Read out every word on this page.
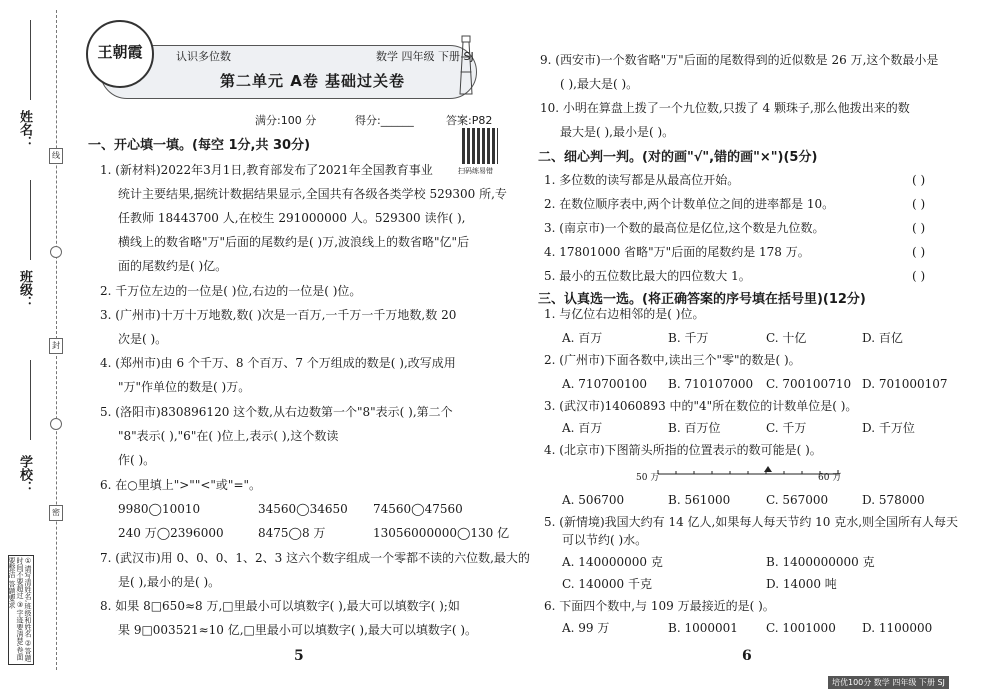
姓名：
班级：
学校：
线
封
密
①请写清姓名,班级和姓名 ②答题时间不要超过 ③字迹要清楚,卷面要整洁 答题要求
王朝霞	认识多位数	数学 四年级 下册 SJ
第二单元 A卷 基础过关卷
满分:100 分	得分:______	答案:P82
扫码练易错
一、开心填一填。(每空 1分,共 30分)
1. (新材料)2022年3月1日,教育部发布了2021年全国教育事业
统计主要结果,据统计数据结果显示,全国共有各级各类学校 529300 所,专
任教师 18443700 人,在校生 291000000 人。529300 读作( ),
横线上的数省略"万"后面的尾数约是( )万,波浪线上的数省略"亿"后
面的尾数约是( )亿。
2. 千万位左边的一位是( )位,右边的一位是( )位。
3. (广州市)十万十万地数,数( )次是一百万,一千万一千万地数,数 20
次是( )。
4. (郑州市)由 6 个千万、8 个百万、7 个万组成的数是( ),改写成用
"万"作单位的数是( )万。
5. (洛阳市)830896120 这个数,从右边数第一个"8"表示( ),第二个
"8"表示( ),"6"在( )位上,表示( ),这个数读
作( )。
6. 在○里填上">""<"或"="。
9980◯10010	34560◯34650 74560◯47560
240 万◯2396000	8475◯8 万	13056000000◯130 亿
7. (武汉市)用 0、0、0、1、2、3 这六个数字组成一个零都不读的六位数,最大的
是( ),最小的是( )。
8. 如果 8□650≈8 万,□里最小可以填数字( ),最大可以填数字( );如
果 9□003521≈10 亿,□里最小可以填数字( ),最大可以填数字( )。
5
9. (西安市)一个数省略"万"后面的尾数得到的近似数是 26 万,这个数最小是
( ),最大是( )。
10. 小明在算盘上拨了一个九位数,只拨了 4 颗珠子,那么他拨出来的数
最大是( ),最小是( )。
二、细心判一判。(对的画"√",错的画"×")(5分)
1. 多位数的读写都是从最高位开始。	( )
2. 在数位顺序表中,两个计数单位之间的进率都是 10。	( )
3. (南京市)一个数的最高位是亿位,这个数是九位数。	( )
4. 17801000 省略"万"后面的尾数约是 178 万。	( )
5. 最小的五位数比最大的四位数大 1。	( )
三、认真选一选。(将正确答案的序号填在括号里)(12分)
1. 与亿位右边相邻的是( )位。
A. 百万	B. 千万	C. 十亿	D. 百亿
2. (广州市)下面各数中,读出三个"零"的数是( )。
A. 710700100 B. 710107000 C. 700100710 D. 701000107
3. (武汉市)14060893 中的"4"所在数位的计数单位是( )。
A. 百万	B. 百万位	C. 千万	D. 千万位
4. (北京市)下图箭头所指的位置表示的数可能是( )。
50 万	60 万
A. 506700	B. 561000	C. 567000	D. 578000
5. (新情境)我国大约有 14 亿人,如果每人每天节约 10 克水,则全国所有人每天
可以节约( )水。
A. 140000000 克	B. 1400000000 克
C. 140000 千克	D. 14000 吨
6. 下面四个数中,与 109 万最接近的是( )。
A. 99 万	B. 1000001 C. 1001000 D. 1100000
6
培优100分 数学 四年级 下册 SJ
